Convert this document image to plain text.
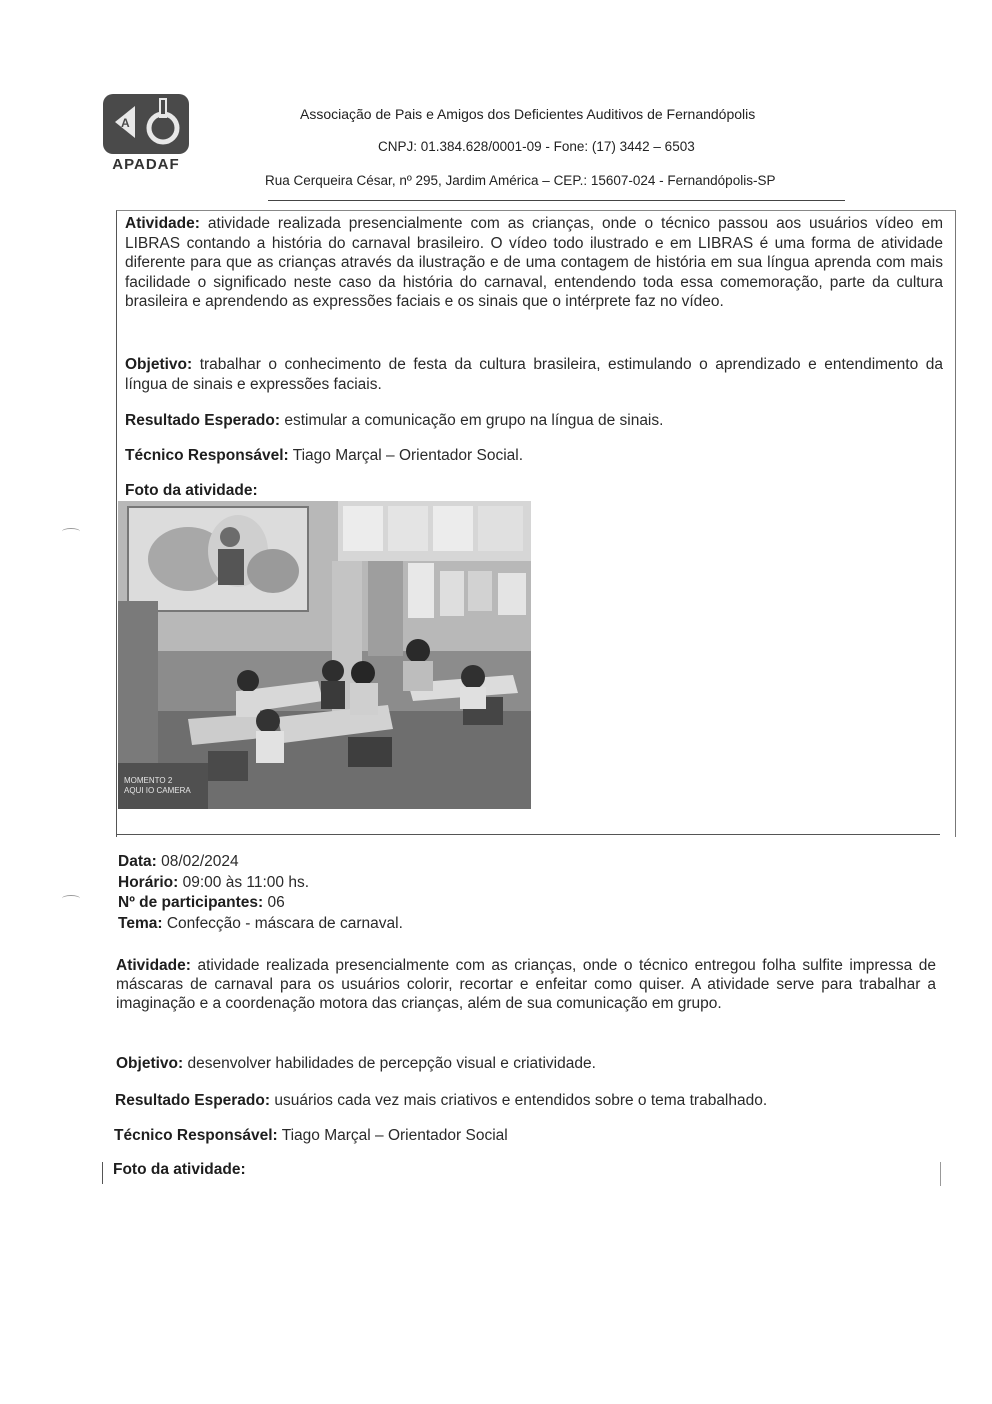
A
APADAF
Associação de Pais e Amigos dos Deficientes Auditivos de Fernandópolis
CNPJ: 01.384.628/0001-09 - Fone: (17) 3442 – 6503
Rua Cerqueira César, nº 295, Jardim América – CEP.: 15607-024 - Fernandópolis-SP
Atividade: atividade realizada presencialmente com as crianças, onde o técnico passou aos usuários vídeo em LIBRAS contando a história do carnaval brasileiro. O vídeo todo ilustrado e em LIBRAS é uma forma de atividade diferente para que as crianças através da ilustração e de uma contagem de história em sua língua aprenda com mais facilidade o significado neste caso da história do carnaval, entendendo toda essa comemoração, parte da cultura brasileira e aprendendo as expressões faciais e os sinais que o intérprete faz no vídeo.
Objetivo: trabalhar o conhecimento de festa da cultura brasileira, estimulando o aprendizado e entendimento da língua de sinais e expressões faciais.
Resultado Esperado: estimular a comunicação em grupo na língua de sinais.
Técnico Responsável: Tiago Marçal – Orientador Social.
Foto da atividade:
MOMENTO 2
AQUI IO CAMERA
Data: 08/02/2024
Horário: 09:00 às 11:00 hs.
Nº de participantes: 06
Tema: Confecção - máscara de carnaval.
Atividade: atividade realizada presencialmente com as crianças, onde o técnico entregou folha sulfite impressa de máscaras de carnaval para os usuários colorir, recortar e enfeitar como quiser. A atividade serve para trabalhar a imaginação e a coordenação motora das crianças, além de sua comunicação em grupo.
Objetivo: desenvolver habilidades de percepção visual e criatividade.
Resultado Esperado: usuários cada vez mais criativos e entendidos sobre o tema trabalhado.
Técnico Responsável: Tiago Marçal – Orientador Social
Foto da atividade:
